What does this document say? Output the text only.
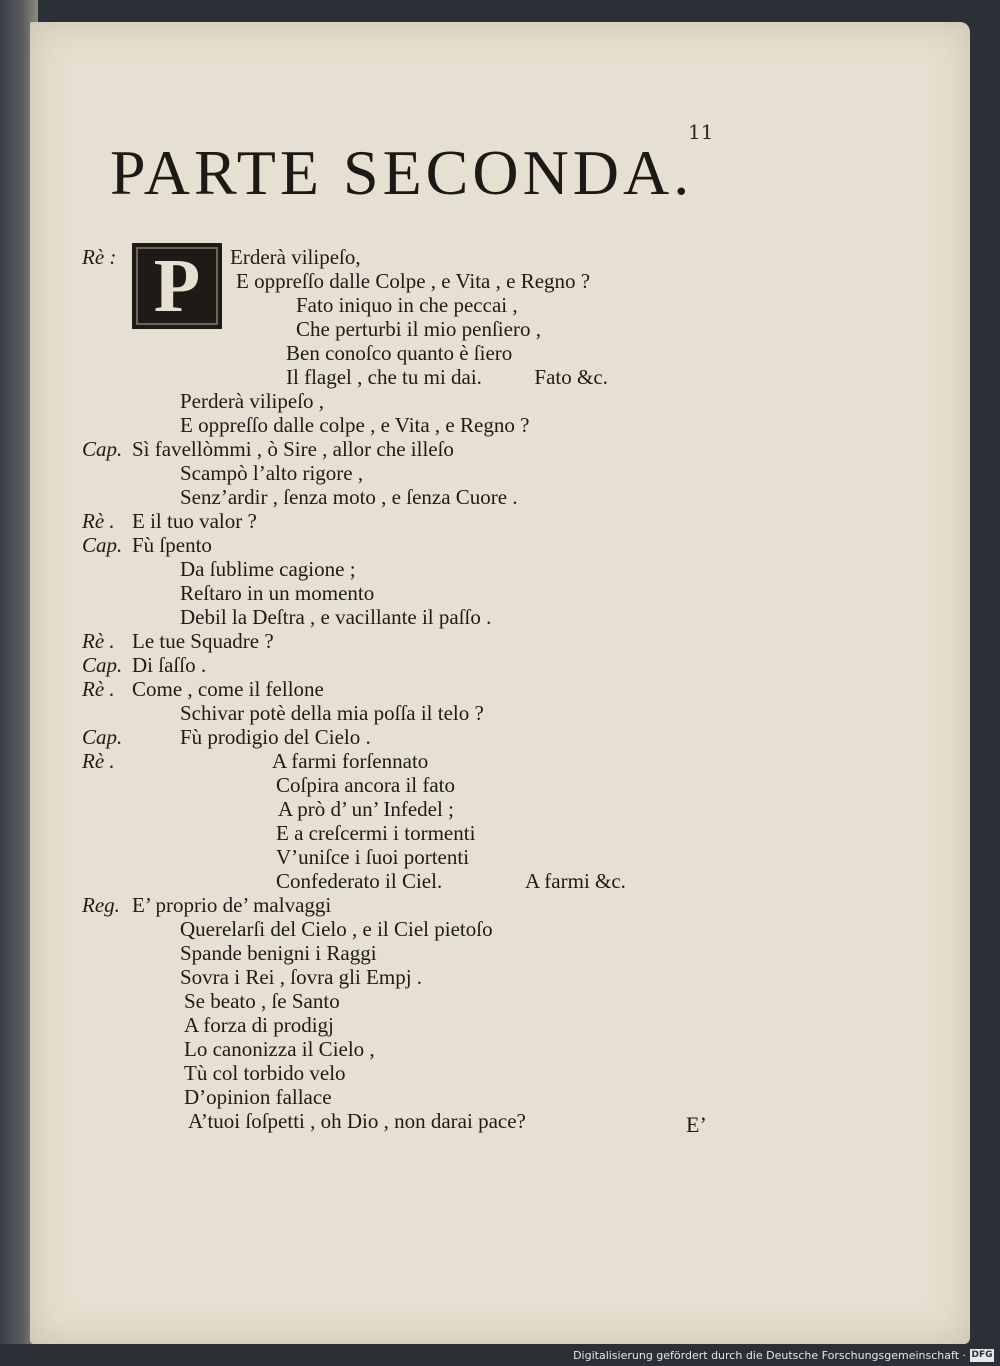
11
PARTE SECONDA.
P
Rè :	Erderà vilipeſo,
E oppreſſo dalle Colpe , e Vita , e Regno ?
Fato iniquo in che peccai ,
Che perturbi il mio penſiero ,
Ben conoſco quanto è ſiero
Il flagel , che tu mi dai.          Fato &c.
Perderà vilipeſo ,
E oppreſſo dalle colpe , e Vita , e Regno ?
Cap. Sì favellòmmi , ò Sire , allor che illeſo
Scampò l’alto rigore ,
Senz’ardir , ſenza moto , e ſenza Cuore .
Rè . E il tuo valor ?
Cap. Fù ſpento
Da ſublime cagione ;
Reſtaro in un momento
Debil la Deſtra , e vacillante il paſſo .
Rè . Le tue Squadre ?
Cap. Di ſaſſo .
Rè . Come , come il fellone
Schivar potè della mia poſſa il telo ?
Cap.	Fù prodigio del Cielo .
Rè .	A farmi forſennato
Coſpira ancora il fato
A prò d’ un’ Infedel ;
E a creſcermi i tormenti
V’uniſce i ſuoi portenti
Confederato il Ciel.                A farmi &c.
Reg. E’ proprio de’ malvaggi
Querelarſi del Cielo , e il Ciel pietoſo
Spande benigni i Raggi
Sovra i Rei , ſovra gli Empj .
Se beato , ſe Santo
A forza di prodigj
Lo canonizza il Cielo ,
Tù col torbido velo
D’opinion fallace
A’tuoi ſoſpetti , oh Dio , non darai pace?	E’
Digitalisierung gefördert durch die Deutsche Forschungsgemeinschaft · DFG
